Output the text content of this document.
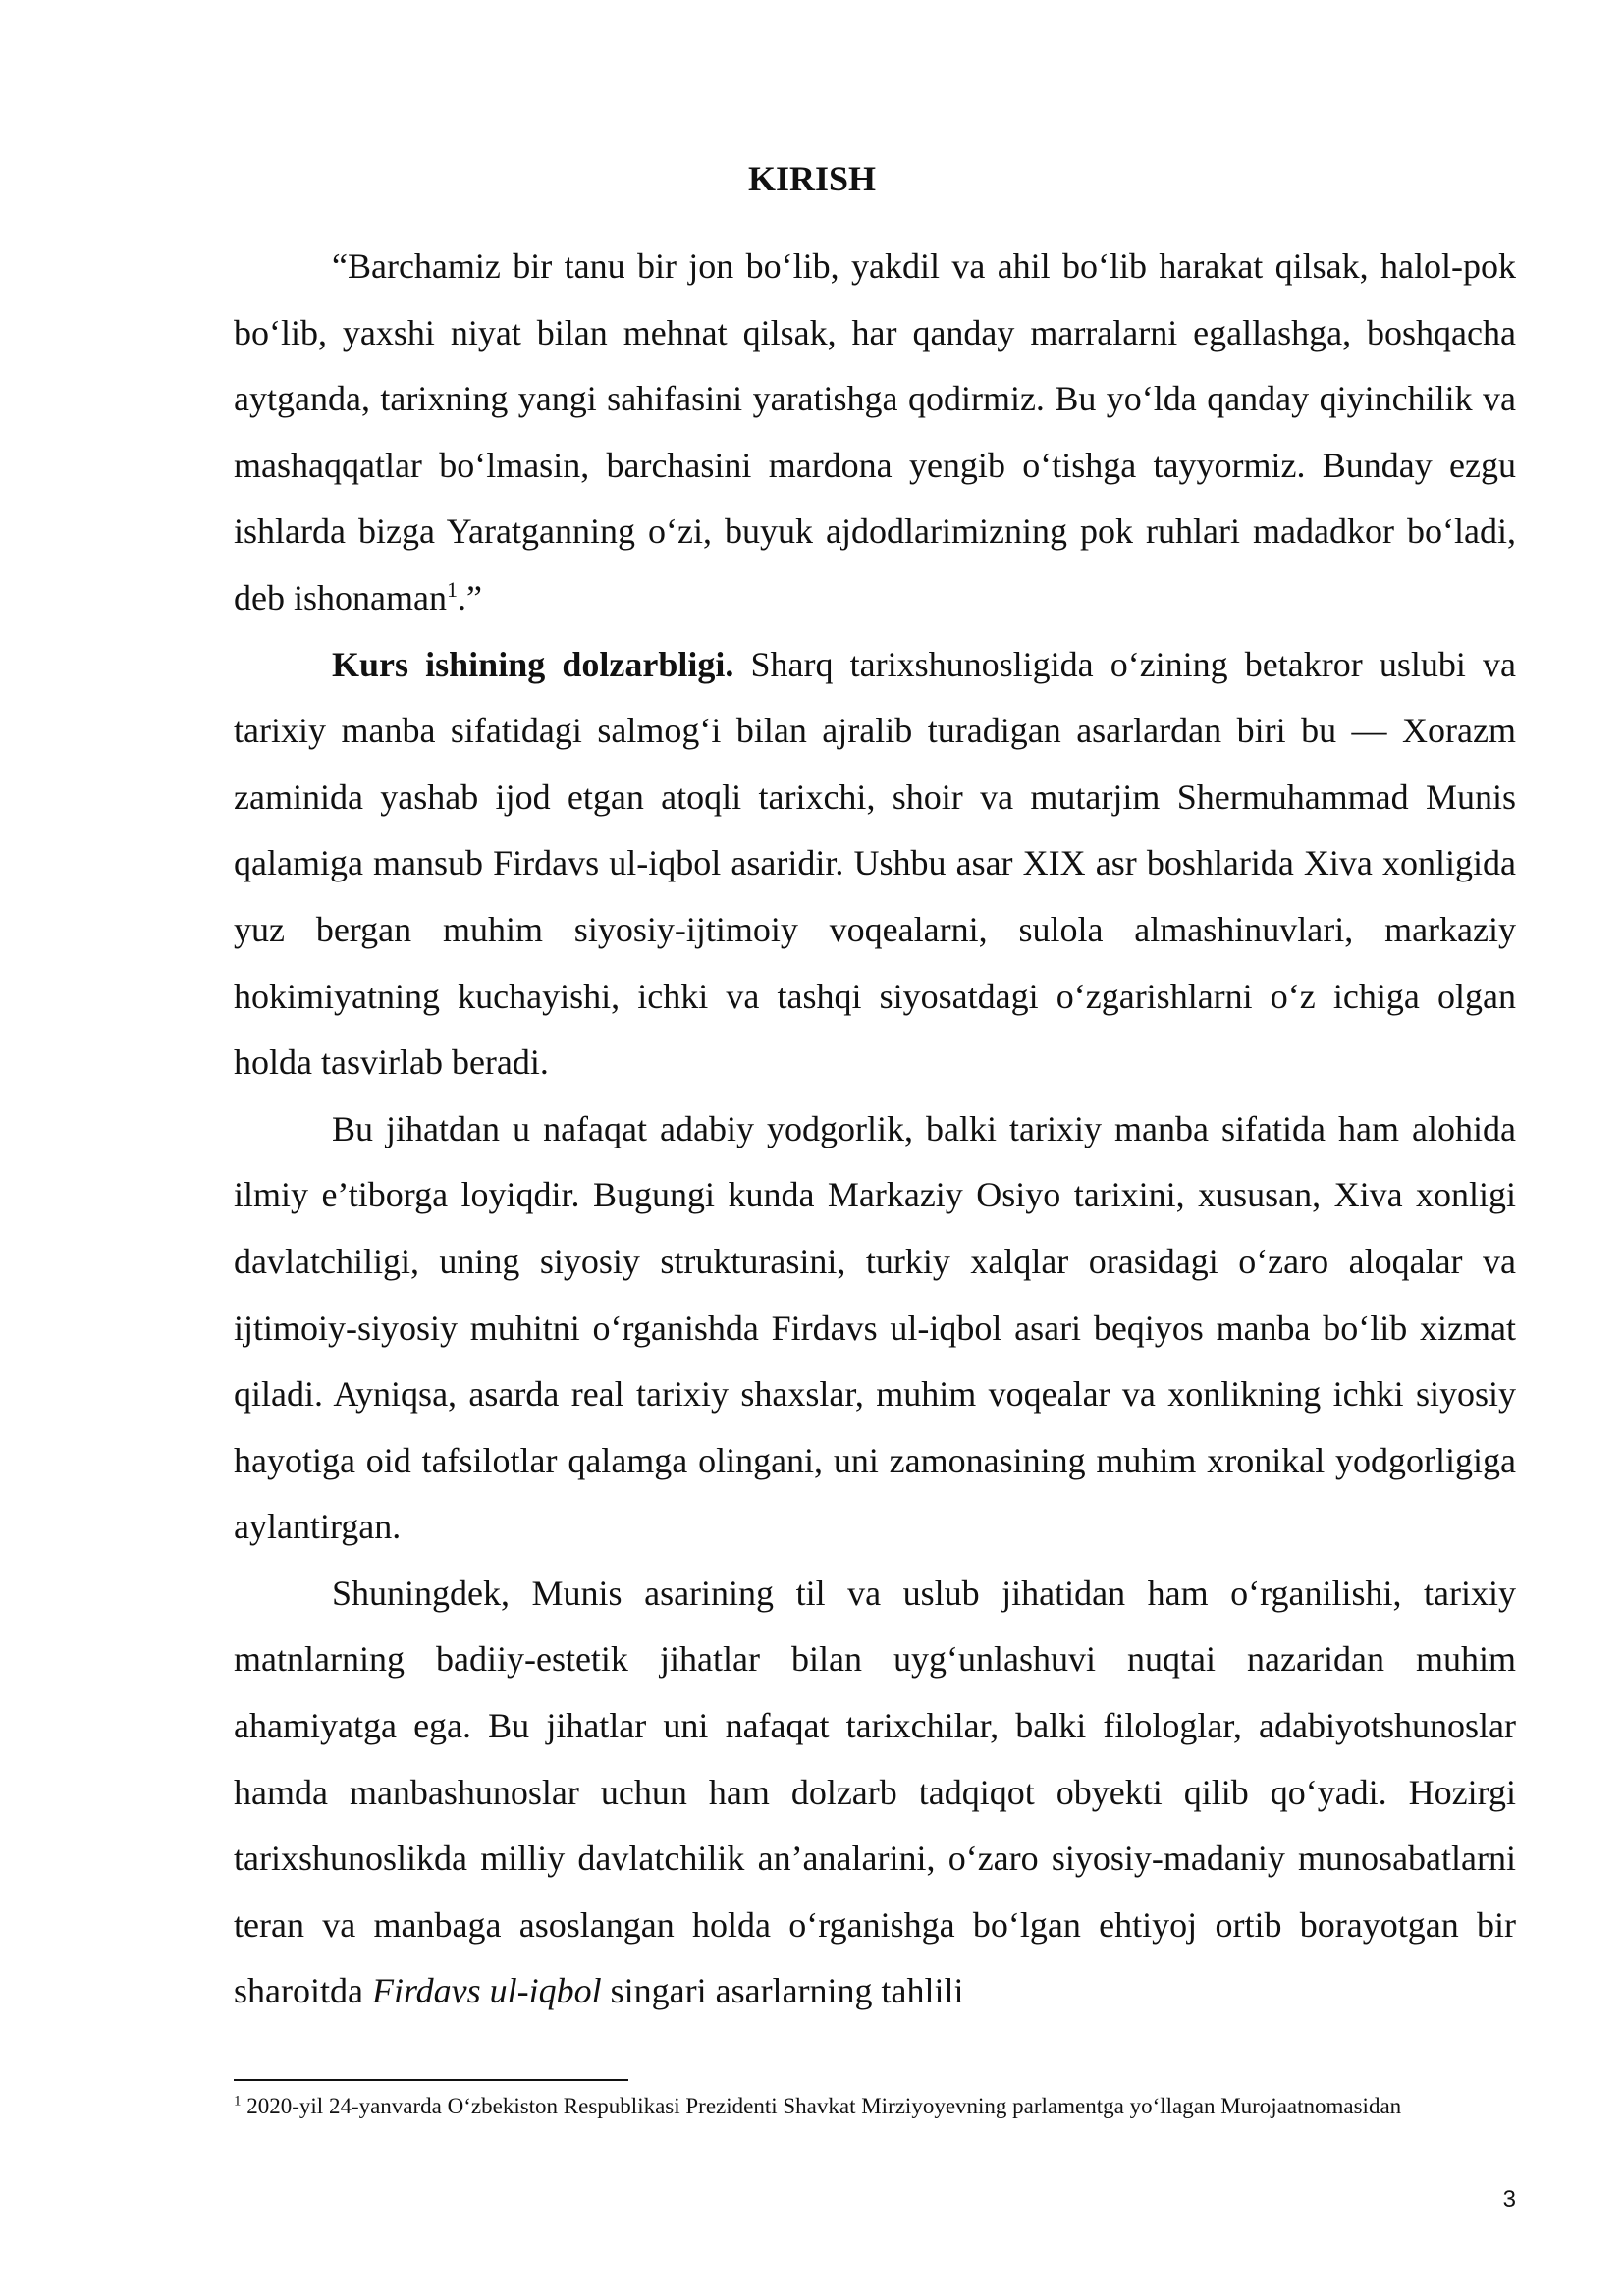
KIRISH

“Barchamiz bir tanu bir jon bo‘lib, yakdil va ahil bo‘lib harakat qilsak, halol-pok bo‘lib, yaxshi niyat bilan mehnat qilsak, har qanday marralarni egallashga, boshqacha aytganda, tarixning yangi sahifasini yaratishga qodirmiz. Bu yo‘lda qanday qiyinchilik va mashaqqatlar bo‘lmasin, barchasini mardona yengib o‘tishga tayyormiz. Bunday ezgu ishlarda bizga Yaratganning o‘zi, buyuk ajdodlarimizning pok ruhlari madadkor bo‘ladi, deb ishonaman$^1$.”

Kurs ishining dolzarbligi. Sharq tarixshunosligida o‘zining betakror uslubi va tarixiy manba sifatidagi salmog‘i bilan ajralib turadigan asarlardan biri bu — Xorazm zaminida yashab ijod etgan atoqli tarixchi, shoir va mutarjim Shermuhammad Munis qalamiga mansub Firdavs ul-iqbol asaridir. Ushbu asar XIX asr boshlarida Xiva xonligida yuz bergan muhim siyosiy-ijtimoiy voqealarni, sulola almashinuvlari, markaziy hokimiyatning kuchayishi, ichki va tashqi siyosatdagi o‘zgarishlarni o‘z ichiga olgan holda tasvirlab beradi.

Bu jihatdan u nafaqat adabiy yodgorlik, balki tarixiy manba sifatida ham alohida ilmiy e’tiborga loyiqdir. Bugungi kunda Markaziy Osiyo tarixini, xususan, Xiva xonligi davlatchiligi, uning siyosiy strukturasini, turkiy xalqlar orasidagi o‘zaro aloqalar va ijtimoiy-siyosiy muhitni o‘rganishda Firdavs ul-iqbol asari beqiyos manba bo‘lib xizmat qiladi. Ayniqsa, asarda real tarixiy shaxslar, muhim voqealar va xonlikning ichki siyosiy hayotiga oid tafsilotlar qalamga olingani, uni zamonasining muhim xronikal yodgorligiga aylantirgan.

Shuningdek, Munis asarining til va uslub jihatidan ham o‘rganilishi, tarixiy matnlarning badiiy-estetik jihatlar bilan uyg‘unlashuvi nuqtai nazaridan muhim ahamiyatga ega. Bu jihatlar uni nafaqat tarixchilar, balki filologlar, adabiyotshunoslar hamda manbashunoslar uchun ham dolzarb tadqiqot obyekti qilib qo‘yadi. Hozirgi tarixshunoslikda milliy davlatchilik an’analarini, o‘zaro siyosiy-madaniy munosabatlarni teran va manbaga asoslangan holda o‘rganishga bo‘lgan ehtiyoj ortib borayotgan bir sharoitda Firdavs ul-iqbol singari asarlarning tahlili

$^1$ 2020-yil 24-yanvarda O‘zbekiston Respublikasi Prezidenti Shavkat Mirziyoyevning parlamentga yo‘llagan Murojaatnomasidan
3
